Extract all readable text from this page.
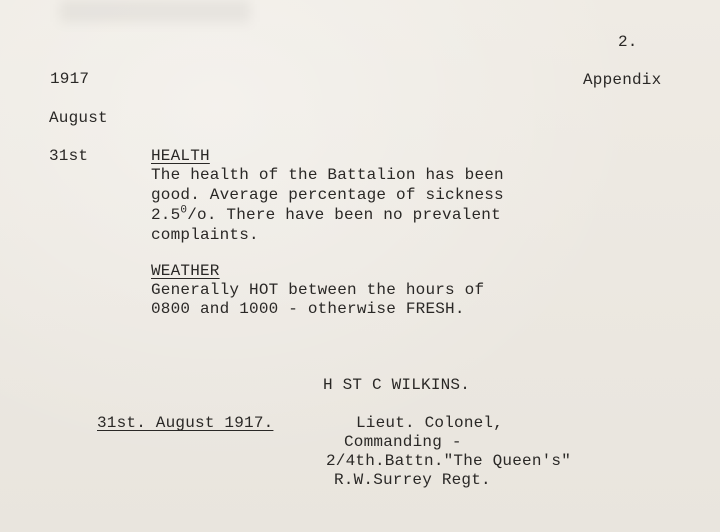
2.
1917	Appendix
August
31st	HEALTH
The health of the Battalion has been
good. Average percentage of sickness
$2.5^0/o$. There have been no prevalent
complaints.
WEATHER
Generally HOT between the hours of
0800 and 1000 - otherwise FRESH.
H ST C WILKINS.
31st. August 1917.	Lieut. Colonel,
Commanding -
2/4th.Battn."The Queen's"
R.W.Surrey Regt.
